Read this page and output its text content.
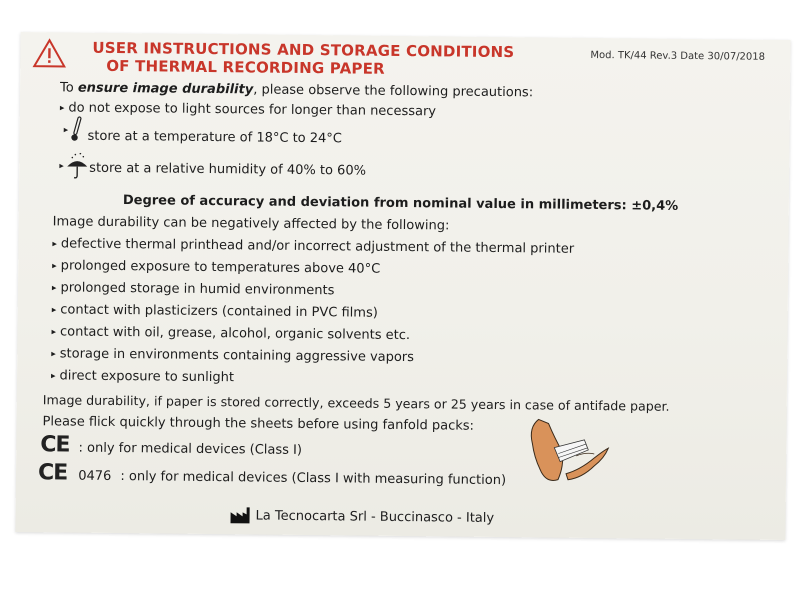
USER INSTRUCTIONS AND STORAGE CONDITIONS
OF THERMAL RECORDING PAPER
Mod. TK/44 Rev.3 Date 30/07/2018
To ensure image durability, please observe the following precautions:
▸ do not expose to light sources for longer than necessary
▸ store at a temperature of 18°C to 24°C
▸ store at a relative humidity of 40% to 60%
Degree of accuracy and deviation from nominal value in millimeters: ±0,4%
Image durability can be negatively affected by the following:
▸ defective thermal printhead and/or incorrect adjustment of the thermal printer
▸ prolonged exposure to temperatures above 40°C
▸ prolonged storage in humid environments
▸ contact with plasticizers (contained in PVC films)
▸ contact with oil, grease, alcohol, organic solvents etc.
▸ storage in environments containing aggressive vapors
▸ direct exposure to sunlight
Image durability, if paper is stored correctly, exceeds 5 years or 25 years in case of antifade paper.
Please flick quickly through the sheets before using fanfold packs:
CE : only for medical devices (Class I)
CE 0476 : only for medical devices (Class I with measuring function)
La Tecnocarta Srl - Buccinasco - Italy
